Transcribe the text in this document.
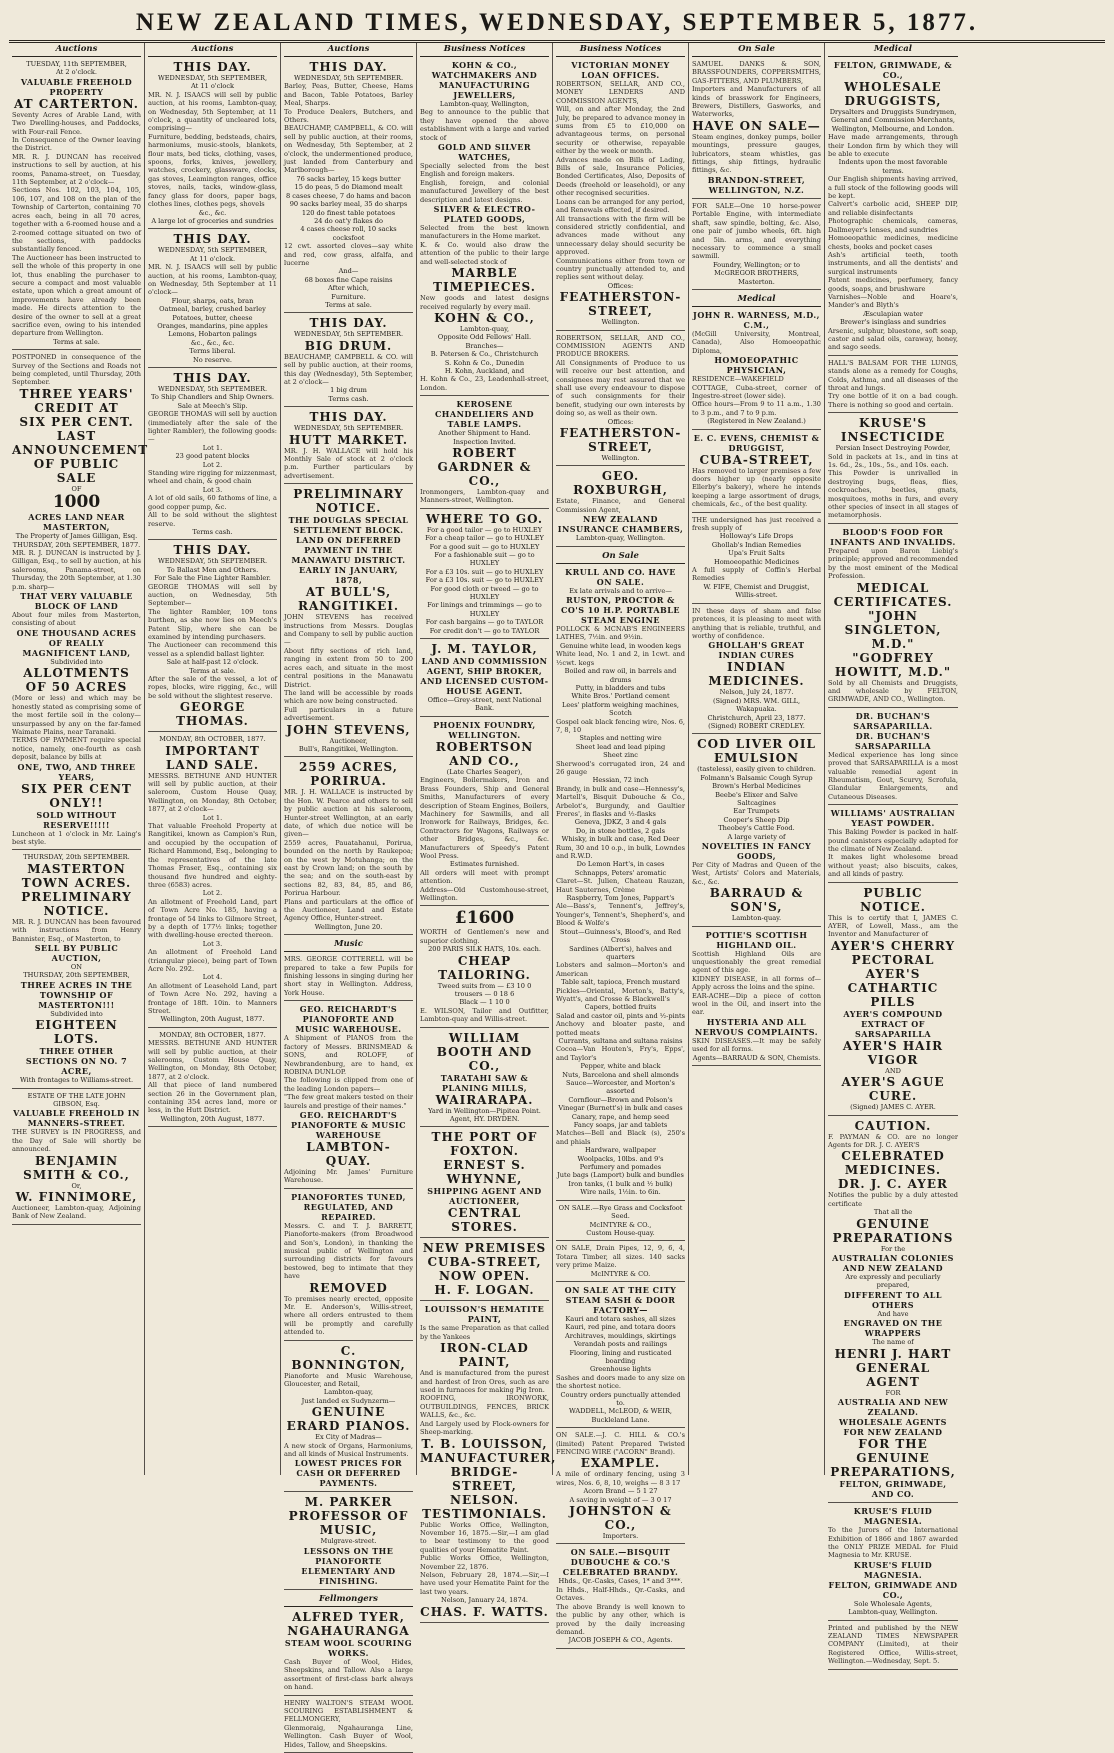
NEW ZEALAND TIMES, WEDNESDAY, SEPTEMBER 5, 1877.
Auctions
TUESDAY, 11th SEPTEMBER,
At 2 o'clock.
VALUABLE FREEHOLD PROPERTY
AT CARTERTON.
Seventy Acres of Arable Land, with Two Dwelling-houses, and Paddocks, with Four-rail Fence.
In Consequence of the Owner leaving the District.
MR. R. J. DUNCAN has received instructions to sell by auction, at his rooms, Panama-street, on Tuesday, 11th September, at 2 o'clock—
Sections Nos. 102, 103, 104, 105, 106, 107, and 108 on the plan of the Township of Carterton, containing 70 acres each, being in all 70 acres, together with a 6-roomed house and a 2-roomed cottage situated on two of the sections, with paddocks substantially fenced.
The Auctioneer has been instructed to sell the whole of this property in one lot, thus enabling the purchaser to secure a compact and most valuable estate, upon which a great amount of improvements have already been made. He directs attention to the desire of the owner to sell at a great sacrifice even, owing to his intended departure from Wellington.
Terms at sale.
POSTPONED in consequence of the Survey of the Sections and Roads not being completed, until Thursday, 20th September.
THREE YEARS' CREDIT AT
SIX PER CENT.
LAST ANNOUNCEMENT
OF PUBLIC SALE
OF
1000
ACRES LAND NEAR MASTERTON,
The Property of James Gilligan, Esq.
THURSDAY, 20th SEPTEMBER, 1877.
MR. R. J. DUNCAN is instructed by J. Gilligan, Esq., to sell by auction, at his salerooms, Panama-street, on Thursday, the 20th September, at 1.30 p.m. sharp—
THAT VERY VALUABLE BLOCK OF LAND
About four miles from Masterton, consisting of about
ONE THOUSAND ACRES OF REALLY MAGNIFICENT LAND,
Subdivided into
ALLOTMENTS OF 50 ACRES
(More or less) and which may be honestly stated as comprising some of the most fertile soil in the colony—unsurpassed by any on the far-famed Waimate Plains, near Taranaki.
TERMS OF PAYMENT require special notice, namely, one-fourth as cash deposit, balance by bills at
ONE, TWO, AND THREE YEARS,
SIX PER CENT ONLY!!
SOLD WITHOUT RESERVE!!!!!
Luncheon at 1 o'clock in Mr. Laing's best style.
THURSDAY, 20th SEPTEMBER.
MASTERTON TOWN ACRES.
PRELIMINARY NOTICE.
MR. R. J. DUNCAN has been favoured with instructions from Henry Bannister, Esq., of Masterton, to
SELL BY PUBLIC AUCTION,
ON
THURSDAY, 20th SEPTEMBER,
THREE ACRES IN THE TOWNSHIP OF MASTERTON!!!
Subdivided into
EIGHTEEN LOTS.
THREE OTHER SECTIONS ON NO. 7 ACRE,
With frontages to Williams-street.
ESTATE OF THE LATE JOHN GIBSON, Esq.
VALUABLE FREEHOLD IN MANNERS-STREET.
THE SURVEY is IN PROGRESS, and the Day of Sale will shortly be announced.
BENJAMIN SMITH & CO.,
Or,
W. FINNIMORE,
Auctioneer, Lambton-quay, Adjoining Bank of New Zealand.
Auctions
THIS DAY.
WEDNESDAY, 5th SEPTEMBER,
At 11 o'clock
MR. N. J. ISAACS will sell by public auction, at his rooms, Lambton-quay, on Wednesday, 5th September, at 11 o'clock, a quantity of uncleared lots, comprising—
Furniture, bedding, bedsteads, chairs, harmoniums, music-stools, blankets, flour mats, bed ticks, clothing, vases, spoons, forks, knives, jewellery, watches, crockery, glassware, clocks, gas stoves, Leamington ranges, office stoves, nails, tacks, window-glass, fancy glass for doors, paper bags, clothes lines, clothes pegs, shovels
&c., &c.
A large lot of groceries and sundries
THIS DAY.
WEDNESDAY, 5th SEPTEMBER,
At 11 o'clock.
MR. N. J. ISAACS will sell by public auction, at his rooms, Lambton-quay, on Wednesday, 5th September at 11 o'clock—
Flour, sharps, oats, bran
Oatmeal, barley, crushed barley
Potatoes, butter, cheese
Oranges, mandarins, pine apples
Lemons, Hobarton palings
&c., &c., &c.
Terms liberal.
No reserve.
THIS DAY.
WEDNESDAY, 5th SEPTEMBER.
To Ship Chandlers and Ship Owners.
Sale at Meech's Slip.
GEORGE THOMAS will sell by auction (immediately after the sale of the lighter Rambler), the following goods:—
Lot 1.
23 good patent blocks
Lot 2.
Standing wire rigging for mizzenmast, wheel and chain, & good chain
Lot 3.
A lot of old sails, 60 fathoms of line, a good copper pump, &c.
All to be sold without the slightest reserve.
Terms cash.
THIS DAY.
WEDNESDAY, 5th SEPTEMBER.
To Ballast Men and Others.
For Sale the Fine Lighter Rambler.
GEORGE THOMAS will sell by auction, on Wednesday, 5th September—
The lighter Rambler, 109 tons burthen, as she now lies on Meech's Patent Slip, where she can be examined by intending purchasers.
The Auctioneer can recommend this vessel as a splendid ballast lighter.
Sale at half-past 12 o'clock.
Terms at sale.
After the sale of the vessel, a lot of ropes, blocks, wire rigging, &c., will be sold without the slightest reserve.
GEORGE THOMAS.
MONDAY, 8th OCTOBER, 1877.
IMPORTANT LAND SALE.
MESSRS. BETHUNE AND HUNTER will sell by public auction, at their saleroom, Custom House Quay, Wellington, on Monday, 8th October, 1877, at 2 o'clock—
Lot 1.
That valuable Freehold Property at Rangitikei, known as Campion's Run, and occupied by the occupation of Richard Hammond, Esq., belonging to the representatives of the late Thomas Fraser, Esq., containing six thousand five hundred and eighty-three (6583) acres.
Lot 2.
An allotment of Freehold Land, part of Town Acre No. 185, having a frontage of 54 links to Gilmore Street, by a depth of 177½ links; together with dwelling-house erected thereon.
Lot 3.
An allotment of Freehold Land (triangular piece), being part of Town Acre No. 292.
Lot 4.
An allotment of Leasehold Land, part of Town Acre No. 292, having a frontage of 18ft. 10in. to Manners Street.
Wellington, 20th August, 1877.
MONDAY, 8th OCTOBER, 1877.
MESSRS. BETHUNE AND HUNTER will sell by public auction, at their salerooms, Custom House Quay, Wellington, on Monday, 8th October, 1877, at 2 o'clock.
All that piece of land numbered section 26 in the Government plan, containing 354 acres land, more or less, in the Hutt District.
Wellington, 20th August, 1877.
Auctions
THIS DAY.
WEDNESDAY, 5th SEPTEMBER.
Barley, Peas, Butter, Cheese, Hams and Bacon, Table Potatoes, Barley Meal, Sharps.
To Produce Dealers, Butchers, and Others.
BEAUCHAMP, CAMPBELL, & CO. will sell by public auction, at their rooms, on Wednesday, 5th September, at 2 o'clock, the undermentioned produce, just landed from Canterbury and Marlborough—
76 sacks barley, 15 kegs butter
15 do peas, 5 do Diamond mealt
8 cases cheese, 7 do hams and bacon
90 sacks barley meal, 35 do sharps
120 do finest table potatoes
24 do oat'y flakes do
4 cases cheese roll, 10 sacks cocksfoot
12 cwt. assorted cloves—say white and red, cow grass, alfalfa, and lucerne
And—
68 boxes fine Cape raisins
After which,
Furniture.
Terms at sale.
THIS DAY.
WEDNESDAY, 5th SEPTEMBER.
BIG DRUM.
BEAUCHAMP, CAMPBELL & CO. will sell by public auction, at their rooms, this day (Wednesday), 5th September, at 2 o'clock—
1 big drum
Terms cash.
THIS DAY.
WEDNESDAY, 5th SEPTEMBER.
HUTT MARKET.
MR. J. H. WALLACE will hold his Monthly Sale of stock at 2 o'clock p.m. Further particulars by advertisement.
PRELIMINARY NOTICE.
THE DOUGLAS SPECIAL SETTLEMENT BLOCK.
LAND ON DEFERRED PAYMENT IN THE MANAWATU DISTRICT.
EARLY IN JANUARY, 1878,
AT BULL'S, RANGITIKEI.
JOHN STEVENS has received instructions from Messrs. Douglas and Company to sell by public auction—
About fifty sections of rich land, ranging in extent from 50 to 200 acres each, and situate in the most central positions in the Manawatu District.
The land will be accessible by roads which are now being constructed.
Full particulars in a future advertisement.
JOHN STEVENS,
Auctioneer,
Bull's, Rangitikei, Wellington.
2559 ACRES, PORIRUA.
MR. J. H. WALLACE is instructed by the Hon. W. Pearce and others to sell by public auction at his saleroom, Hunter-street Wellington, at an early date, of which due notice will be given—
2559 acres, Pauatahanui, Porirua, bounded on the north by Raukepoa; on the west by Motuhanga; on the east by Crown land; on the south by the sea; and on the south-east by sections 82, 83, 84, 85, and 86, Porirua Harbour.
Plans and particulars at the office of the Auctioneer, Land and Estate Agency Office, Hunter-street.
Wellington, June 20.
Music
MRS. GEORGE COTTERELL will be prepared to take a few Pupils for finishing lessons in singing during her short stay in Wellington. Address, York House.
GEO. REICHARDT'S PIANOFORTE AND MUSIC WAREHOUSE.
A Shipment of PIANOS from the factory of Messrs. BRINSMEAD & SONS, and ROLOFF, of Newbrandenburg, are to hand, ex ROBINA DUNLOP.
The following is clipped from one of the leading London papers—
"The few great makers tested on their laurels and prestige of their names."
GEO. REICHARDT'S PIANOFORTE & MUSIC WAREHOUSE
LAMBTON-QUAY.
Adjoining Mr. James' Furniture Warehouse.
PIANOFORTES TUNED, REGULATED, AND REPAIRED.
Messrs. C. and T. J. BARRETT, Pianoforte-makers (from Broadwood and Son's, London), in thanking the musical public of Wellington and surrounding districts for favours bestowed, beg to intimate that they have
REMOVED
To premises nearly erected, opposite Mr. E. Anderson's, Willis-street, where all orders entrusted to them will be promptly and carefully attended to.
C. BONNINGTON,
Pianoforte and Music Warehouse, Gloucester, and Retail,
Lambton-quay,
Just landed ex Sudynzerm—
GENUINE ERARD PIANOS.
Ex City of Madras—
A new stock of Organs, Harmoniums, and all kinds of Musical Instruments.
LOWEST PRICES FOR CASH OR DEFERRED PAYMENTS.
M. PARKER
PROFESSOR OF MUSIC,
Mulgrave-street.
LESSONS ON THE PIANOFORTE
ELEMENTARY AND FINISHING.
Fellmongers
ALFRED TYER,
NGAHAURANGA
STEAM WOOL SCOURING WORKS.
Cash Buyer of Wool, Hides, Sheepskins, and Tallow. Also a large assortment of first-class bark always on hand.
HENRY WALTON'S STEAM WOOL SCOURING ESTABLISHMENT & FELLMONGERY,
Glenmoraig, Ngahauranga Line, Wellington. Cash Buyer of Wool, Hides, Tallow, and Sheepskins.
Business Notices
KOHN & CO., WATCHMAKERS AND MANUFACTURING JEWELLERS,
Lambton-quay, Wellington,
Beg to announce to the public that they have opened the above establishment with a large and varied stock of
GOLD AND SILVER WATCHES,
Specially selected from the best English and foreign makers.
English, foreign, and colonial manufactured Jewellery of the best description and latest designs.
SILVER & ELECTRO-PLATED GOODS,
Selected from the best known manufacturers in the Home market.
K. & Co. would also draw the attention of the public to their large and well-selected stock of
MARBLE TIMEPIECES.
New goods and latest designs received regularly by every mail.
KOHN & CO.,
Lambton-quay,
Opposite Odd Fellows' Hall.
Branches—
B. Petersen & Co., Christchurch
S. Kohn & Co., Dunedin
H. Kohn, Auckland, and
H. Kohn & Co., 23, Leadenhall-street, London.
KEROSENE CHANDELIERS AND TABLE LAMPS.
Another Shipment to Hand.
Inspection Invited.
ROBERT GARDNER & CO.,
Ironmongers, Lambton-quay and Manners-street, Wellington.
WHERE TO GO.
For a good tailor — go to HUXLEY
For a cheap tailor — go to HUXLEY
For a good suit — go to HUXLEY
For a fashionable suit — go to HUXLEY
For a £3 10s. suit — go to HUXLEY
For a £3 10s. suit — go to HUXLEY
For good cloth or tweed — go to HUXLEY
For linings and trimmings — go to HUXLEY
For cash bargains — go to TAYLOR
For credit don't — go to TAYLOR
J. M. TAYLOR,
LAND AND COMMISSION AGENT, SHIP BROKER,
AND LICENSED CUSTOM-HOUSE AGENT.
Office—Grey-street, next National Bank.
PHOENIX FOUNDRY, WELLINGTON.
ROBERTSON AND CO.,
(Late Charles Seager),
Engineers, Boilermakers, Iron and Brass Founders, Ship and General Smiths, Manufacturers of every description of Steam Engines, Boilers, Machinery for Sawmills, and all Ironwork for Railways, Bridges, &c. Contractors for Wagons, Railways or other Bridges, &c., &c. Manufacturers of Speedy's Patent Wool Press.
Estimates furnished.
All orders will meet with prompt attention.
Address—Old Customhouse-street, Wellington.
£1600
WORTH of Gentlemen's new and superior clothing.
200 PARIS SILK HATS, 10s. each.
CHEAP TAILORING.
Tweed suits from — £3 10 0
trousers — 0 18 6
Black — 1 10 0
E. WILSON, Tailor and Outfitter, Lambton-quay and Willis-street.
WILLIAM BOOTH AND CO.,
TARATAHI SAW & PLANING MILLS,
WAIRARAPA.
Yard in Wellington—Pipitea Point.
Agent, HY. DRYDEN.
THE PORT OF FOXTON.
ERNEST S. WHYNNE,
SHIPPING AGENT AND AUCTIONEER,
CENTRAL STORES.
NEW PREMISES
CUBA-STREET,
NOW OPEN.
H. F. LOGAN.
LOUISSON'S HEMATITE PAINT,
Is the same Preparation as that called by the Yankees
IRON-CLAD PAINT,
And is manufactured from the purest and hardest of Iron Ores, such as are used in furnaces for making Pig Iron.
ROOFING, IRONWORK, OUTBUILDINGS, FENCES, BRICK WALLS, &c., &c.
And Largely used by Flock-owners for Sheep-marking.
T. B. LOUISSON,
MANUFACTURER,
BRIDGE-STREET, NELSON.
TESTIMONIALS.
Public Works Office, Wellington, November 16, 1875.—Sir,—I am glad to bear testimony to the good qualities of your Hematite Paint.
Public Works Office, Wellington, November 22, 1876.
Nelson, February 28, 1874.—Sir,—I have used your Hematite Paint for the last two years.
Nelson, January 24, 1874.
CHAS. F. WATTS.
Business Notices
VICTORIAN MONEY LOAN OFFICES.
ROBERTSON, SELLAR, AND CO., MONEY LENDERS AND COMMISSION AGENTS,
Will, on and after Monday, the 2nd July, be prepared to advance money in sums from £5 to £10,000 on advantageous terms, on personal security or otherwise, repayable either by the week or month.
Advances made on Bills of Lading, Bills of sale, Insurance Policies, Bonded Certificates, Also, Deposits of Deeds (freehold or leasehold), or any other recognised securities.
Loans can be arranged for any period, and Renewals effected, if desired.
All transactions with the firm will be considered strictly confidential, and advances made without any unnecessary delay should security be approved.
Communications either from town or country punctually attended to, and replies sent without delay.
Offices:
FEATHERSTON-STREET,
Wellington.
ROBERTSON, SELLAR, AND CO., COMMISSION AGENTS AND PRODUCE BROKERS.
All Consignments of Produce to us will receive our best attention, and consignees may rest assured that we shall use every endeavour to dispose of such consignments for their benefit, studying our own interests by doing so, as well as their own.
Offices:
FEATHERSTON-STREET,
Wellington.
GEO. ROXBURGH,
Estate, Finance, and General Commission Agent,
NEW ZEALAND INSURANCE CHAMBERS,
Lambton-quay, Wellington.
On Sale
KRULL AND CO. HAVE ON SALE.
Ex late arrivals and to arrive—
RUSTON, PROCTOR & CO'S 10 H.P. PORTABLE STEAM ENGINE
POLLOCK & MCNAB'S ENGINEERS LATHES, 7½in. and 9½in.
Genuine white lead, in wooden kegs
White lead, No. 1 and 2, in 1cwt. and ½cwt. kegs
Boiled and raw oil, in barrels and drums
Putty, in bladders and tubs
White Bros.' Portland cement
Lees' platform weighing machines, Scotch
Gospel oak black fencing wire, Nos. 6, 7, 8, 10
Staples and netting wire
Sheet lead and lead piping
Sheet zinc
Sherwood's corrugated iron, 24 and 26 gauge
Hessian, 72 inch
Brandy, in bulk and case—Hennessy's, Martell's, Bisquit Dubouche & Co., Arbelot's, Burgundy, and Gaultier Freres', in flasks and ½-flasks
Geneva, JDKZ, 3 and 4 gals
Do, in stone bottles, 2 gals
Whisky, in bulk and case, Red Deer
Rum, 30 and 10 o.p., in bulk, Lowndes and R.W.D.
Do Lemon Hart's, in cases
Schnapps, Peters' aromatic
Claret—St. Julien, Chateau Rauzan, Haut Sauternes, Crème
Raspberry, Tom Jones, Pappart's
Ale—Bass's, Tennent's, Jeffrey's, Younger's, Tennent's, Shepherd's, and Blood & Wolfe's
Stout—Guinness's, Blood's, and Red Cross
Sardines (Albert's), halves and quarters
Lobsters and salmon—Morton's and American
Table salt, tapioca, French mustard
Pickles—Oriental, Morton's, Batty's, Wyatt's, and Crosse & Blackwell's
Capers, bottled fruits
Salad and castor oil, pints and ½-pints
Anchovy and bloater paste, and potted meats
Currants, sultana and sultana raisins
Cocoa—Van Houten's, Fry's, Epps', and Taylor's
Pepper, white and black
Nuts, Barcelona and shell almonds
Sauce—Worcester, and Morton's assorted
Cornflour—Brown and Polson's
Vinegar (Burnett's) in bulk and cases
Canary, rape, and hemp seed
Fancy soaps, jar and tablets
Matches—Bell and Black (s), 250's and phials
Hardware, wallpaper
Woolpacks, 10lbs. and 9's
Perfumery and pomades
Jute bags (Lamport) bulk and bundles
Iron tanks, (1 bulk and ½ bulk)
Wire nails, 1½in. to 6in.
ON SALE.—Rye Grass and Cocksfoot Seed.
McINTYRE & CO.,
Custom House-quay.
ON SALE, Drain Pipes, 12, 9, 6, 4, Totara Timber, all sizes. 140 sacks very prime Maize.
McINTYRE & CO.
ON SALE AT THE CITY STEAM SASH & DOOR FACTORY—
Kauri and totara sashes, all sizes
Kauri, red pine, and totara doors
Architraves, mouldings, skirtings
Verandah posts and railings
Flooring, lining and rusticated boarding
Greenhouse lights
Sashes and doors made to any size on the shortest notice.
Country orders punctually attended to.
WADDELL, McLEOD, & WEIR,
Buckleland Lane.
ON SALE.—J. C. HILL & CO.'s (limited) Patent Prepared Twisted FENCING WIRE ("ACORN" Brand).
EXAMPLE.
A mile of ordinary fencing, using 3 wires, Nos. 6, 8, 10, weighs — 8 3 17
Acorn Brand — 5 1 27
A saving in weight of — 3 0 17
JOHNSTON & CO.,
Importers.
ON SALE.—BISQUIT DUBOUCHE & CO.'S CELEBRATED BRANDY.
Hhds., Qr.-Casks, Cases, 1* and 3***.
In Hhds., Half-Hhds., Qr.-Casks, and Octaves.
The above Brandy is well known to the public by any other, which is proved by the daily increasing demand.
JACOB JOSEPH & CO., Agents.
On Sale
SAMUEL DANKS & SON, BRASSFOUNDERS, COPPERSMITHS, GAS-FITTERS, AND PLUMBERS,
Importers and Manufacturers of all kinds of brasswork for Engineers, Brewers, Distillers, Gasworks, and Waterworks,
HAVE ON SALE—
Steam engines, donkey pumps, boiler mountings, pressure gauges, lubricators, steam whistles, gas fittings, ship fittings, hydraulic fittings, &c.
BRANDON-STREET, WELLINGTON, N.Z.
FOR SALE—One 10 horse-power Portable Engine, with intermediate shaft, saw spindle, bolting, &c. Also, one pair of jumbo wheels, 6ft. high and 5in. arms, and everything necessary to commence a small sawmill.
Foundry, Wellington; or to
McGREGOR BROTHERS,
Masterton.
Medical
JOHN R. WARNESS, M.D., C.M.,
(McGill University, Montreal, Canada), Also Homoeopathic Diploma,
HOMOEOPATHIC PHYSICIAN,
RESIDENCE—WAKEFIELD COTTAGE, Cuba-street, corner of Ingestre-street (lower side).
Office hours—From 9 to 11 a.m., 1.30 to 3 p.m., and 7 to 9 p.m.
(Registered in New Zealand.)
E. C. EVENS, CHEMIST & DRUGGIST,
CUBA-STREET,
Has removed to larger premises a few doors higher up (nearly opposite Ellerby's bakery), where he intends keeping a large assortment of drugs, chemicals, &c., of the best quality.
THE undersigned has just received a fresh supply of
Holloway's Life Drops
Ghollab's Indian Remedies
Upa's Fruit Salts
Homoeopathic Medicines
A full supply of Coffin's Herbal Remedies
W. FIFE, Chemist and Druggist,
Willis-street.
IN these days of sham and false pretences, it is pleasing to meet with anything that is reliable, truthful, and worthy of confidence.
GHOLLAH'S GREAT INDIAN CURES
INDIAN MEDICINES.
Nelson, July 24, 1877.
(Signed) MRS. WM. GILL, Wakapuaka.
Christchurch, April 23, 1877.
(Signed) ROBERT CREDLEY.
COD LIVER OIL EMULSION
(tasteless), easily given to children.
Folmann's Balsamic Cough Syrup
Brown's Herbal Medicines
Beebe's Elixer and Salve
Saltcagines
Ear Trumpets
Cooper's Sheep Dip
Theobey's Cattle Food.
A large variety of
NOVELTIES IN FANCY GOODS,
Per City of Madras and Queen of the West, Artists' Colors and Materials, &c., &c.
BARRAUD & SON'S,
Lambton-quay.
POTTIE'S SCOTTISH HIGHLAND OIL.
Scottish Highland Oils are unquestionably the great remedial agent of this age.
KIDNEY DISEASE, in all forms of—Apply across the loins and the spine.
EAR-ACHE—Dip a piece of cotton wool in the Oil, and insert into the ear.
HYSTERIA AND ALL NERVOUS COMPLAINTS.
SKIN DISEASES.—It may be safely used for all forms.
Agents—BARRAUD & SON, Chemists.
Medical
FELTON, GRIMWADE, & CO.,
WHOLESALE DRUGGISTS,
Drysalters and Druggists Sundrymen,
General and Commission Merchants,
Wellington, Melbourne, and London.
Have made arrangements, through their London firm by which they will be able to execute
Indents upon the most favorable terms.
Our English shipments having arrived, a full stock of the following goods will be kept.
Calvert's carbolic acid, SHEEP DIP, and reliable disinfectants
Photographic chemicals, cameras, Dallmeyer's lenses, and sundries
Homoeopathic medicines, medicine chests, books and pocket cases
Ash's artificial teeth, tooth instruments, and all the dentists' and surgical instruments
Patent medicines, perfumery, fancy goods, soaps, and brushware
Varnishes—Noble and Hoare's, Mander's and Blyth's
Æsculapian water
Brewer's isinglass and sundries
Arsenic, sulphur, bluestone, soft soap, castor and salad oils, caraway, honey, and sago seeds.
HALL'S BALSAM FOR THE LUNGS, stands alone as a remedy for Coughs, Colds, Asthma, and all diseases of the throat and lungs.
Try one bottle of it on a bad cough. There is nothing so good and certain.
KRUSE'S INSECTICIDE
Persian Insect Destroying Powder,
Sold in packets at 1s., and in tins at 1s. 6d., 2s., 10s., 5s., and 10s. each.
This Powder is unrivalled in destroying bugs, fleas, flies, cockroaches, beetles, gnats, mosquitoes, moths in furs, and every other species of insect in all stages of metamorphosis.
BLOOD'S FOOD FOR INFANTS AND INVALIDS.
Prepared upon Baron Liebig's principle; approved and recommended by the most eminent of the Medical Profession.
MEDICAL CERTIFICATES.
"JOHN SINGLETON, M.D."
"GODFREY HOWITT, M.D."
Sold by all Chemists and Druggists, and wholesale by FELTON, GRIMWADE, AND CO., Wellington.
DR. BUCHAN'S SARSAPARILLA.
DR. BUCHAN'S SARSAPARILLA
Medical experience has long since proved that SARSAPARILLA is a most valuable remedial agent in Rheumatism, Gout, Scurvy, Scrofula, Glandular Enlargements, and Cutaneous Diseases.
WILLIAMS' AUSTRALIAN YEAST POWDER.
This Baking Powder is packed in half-pound canisters especially adapted for the climate of New Zealand.
It makes light wholesome bread without yeast; also biscuits, cakes, and all kinds of pastry.
PUBLIC NOTICE.
This is to certify that I, JAMES C. AYER, of Lowell, Mass., am the Inventor and Manufacturer of
AYER'S CHERRY PECTORAL
AYER'S CATHARTIC PILLS
AYER'S COMPOUND EXTRACT OF SARSAPARILLA
AYER'S HAIR VIGOR
AND
AYER'S AGUE CURE.
(Signed) JAMES C. AYER.
CAUTION.
F. PAYMAN & CO. are no longer Agents for DR. J. C. AYER'S
CELEBRATED MEDICINES.
DR. J. C. AYER
Notifies the public by a duly attested certificate
That all the
GENUINE PREPARATIONS
For the
AUSTRALIAN COLONIES AND NEW ZEALAND
Are expressly and peculiarly prepared,
DIFFERENT TO ALL OTHERS
And have
ENGRAVED ON THE WRAPPERS
The name of
HENRI J. HART
GENERAL AGENT
FOR
AUSTRALIA AND NEW ZEALAND.
WHOLESALE AGENTS FOR NEW ZEALAND
FOR THE
GENUINE PREPARATIONS,
FELTON, GRIMWADE, AND CO.
KRUSE'S FLUID MAGNESIA.
To the Jurors of the International Exhibition of 1866 and 1867 awarded the ONLY PRIZE MEDAL for Fluid Magnesia to Mr. KRUSE.
KRUSE'S FLUID MAGNESIA.
FELTON, GRIMWADE AND CO.,
Sole Wholesale Agents,
Lambton-quay, Wellington.
Printed and published by the NEW ZEALAND TIMES NEWSPAPER COMPANY (Limited), at their Registered Office, Willis-street, Wellington.—Wednesday, Sept. 5.
